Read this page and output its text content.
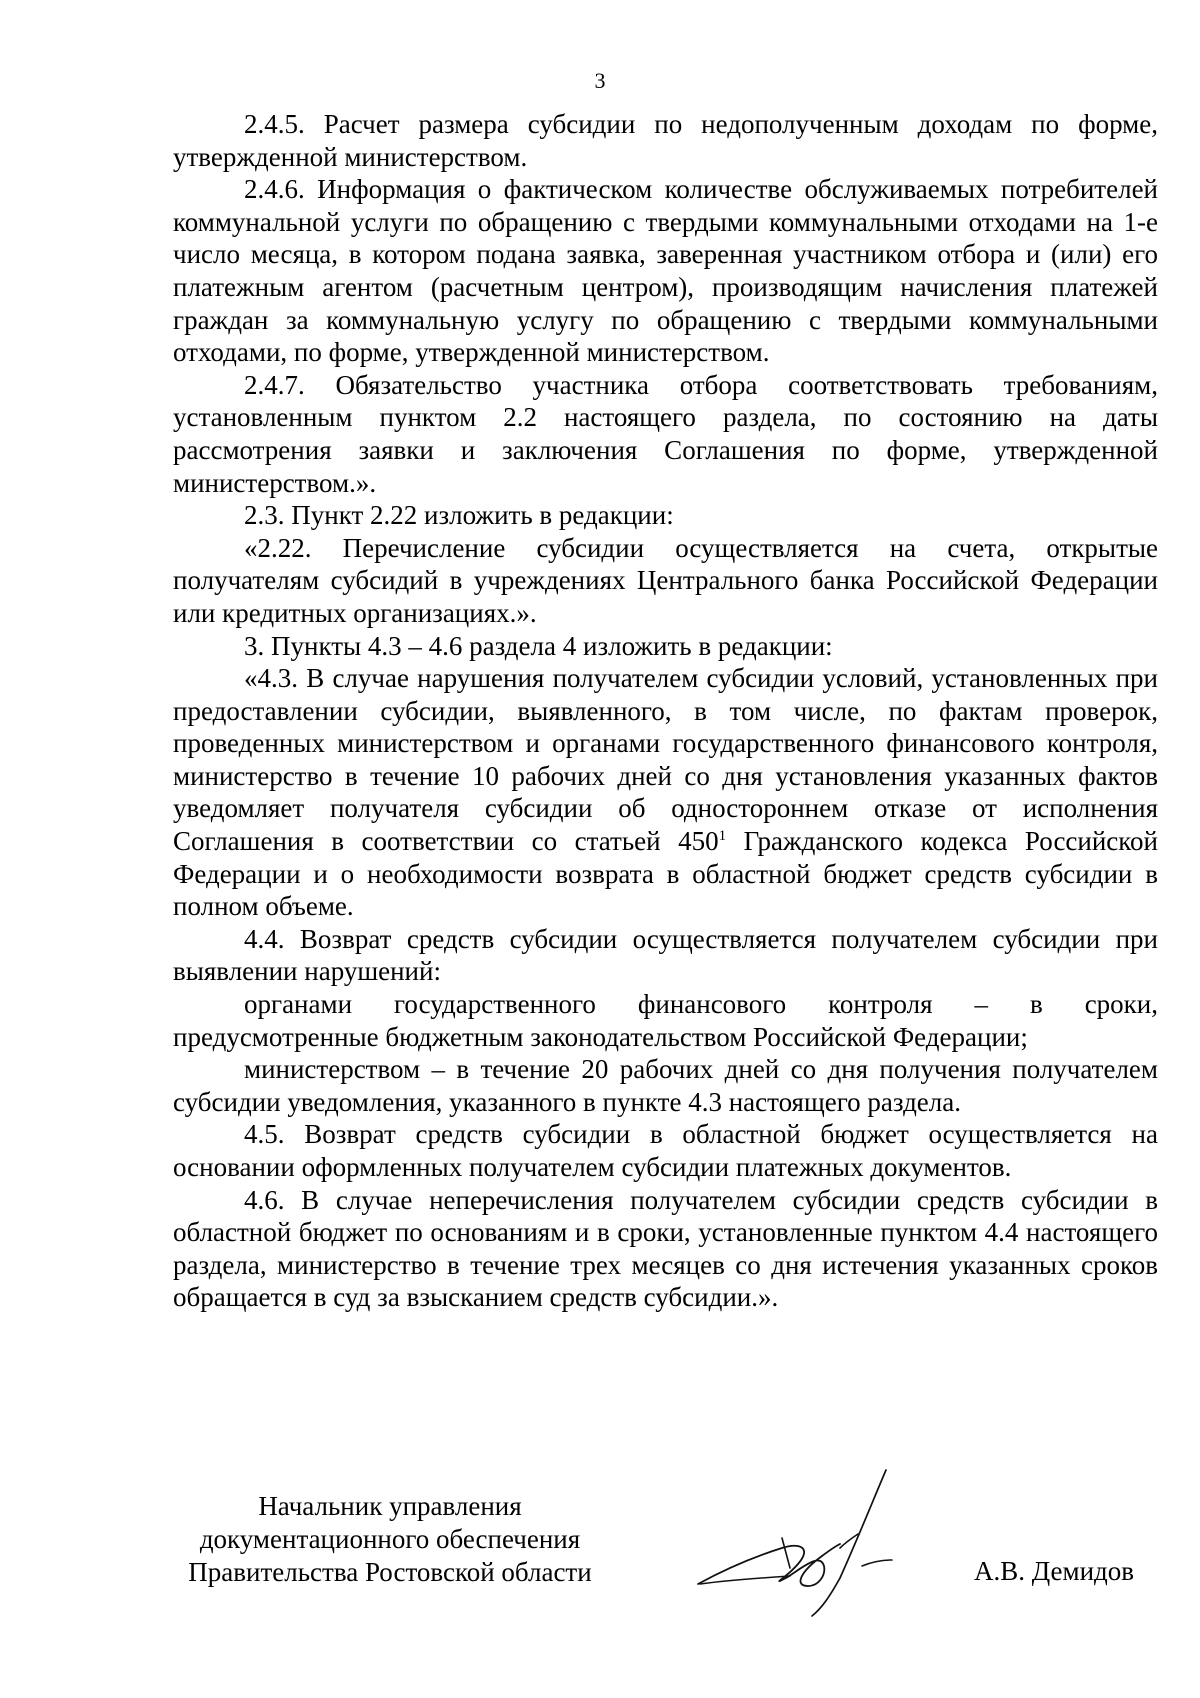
3

2.4.5. Расчет размера субсидии по недополученным доходам по форме, утвержденной министерством.

2.4.6. Информация о фактическом количестве обслуживаемых потребителей коммунальной услуги по обращению с твердыми коммунальными отходами на 1-е число месяца, в котором подана заявка, заверенная участником отбора и (или) его платежным агентом (расчетным центром), производящим начисления платежей граждан за коммунальную услугу по обращению с твердыми коммунальными отходами, по форме, утвержденной министерством.

2.4.7. Обязательство участника отбора соответствовать требованиям, установленным пунктом 2.2 настоящего раздела, по состоянию на даты рассмотрения заявки и заключения Соглашения по форме, утвержденной министерством.».

2.3. Пункт 2.22 изложить в редакции:

«2.22. Перечисление субсидии осуществляется на счета, открытые получателям субсидий в учреждениях Центрального банка Российской Федерации или кредитных организациях.».

3. Пункты 4.3 – 4.6 раздела 4 изложить в редакции:

«4.3. В случае нарушения получателем субсидии условий, установленных при предоставлении субсидии, выявленного, в том числе, по фактам проверок, проведенных министерством и органами государственного финансового контроля, министерство в течение 10 рабочих дней со дня установления указанных фактов уведомляет получателя субсидии об одностороннем отказе от исполнения Соглашения в соответствии со статьей $450^1$ Гражданского кодекса Российской Федерации и о необходимости возврата в областной бюджет средств субсидии в полном объеме.

4.4. Возврат средств субсидии осуществляется получателем субсидии при выявлении нарушений:

органами государственного финансового контроля – в сроки, предусмотренные бюджетным законодательством Российской Федерации;

министерством – в течение 20 рабочих дней со дня получения получателем субсидии уведомления, указанного в пункте 4.3 настоящего раздела.

4.5. Возврат средств субсидии в областной бюджет осуществляется на основании оформленных получателем субсидии платежных документов.

4.6. В случае неперечисления получателем субсидии средств субсидии в областной бюджет по основаниям и в сроки, установленные пунктом 4.4 настоящего раздела, министерство в течение трех месяцев со дня истечения указанных сроков обращается в суд за взысканием средств субсидии.».

Начальник управления
документационного обеспечения
Правительства Ростовской области	А.В. Демидов
